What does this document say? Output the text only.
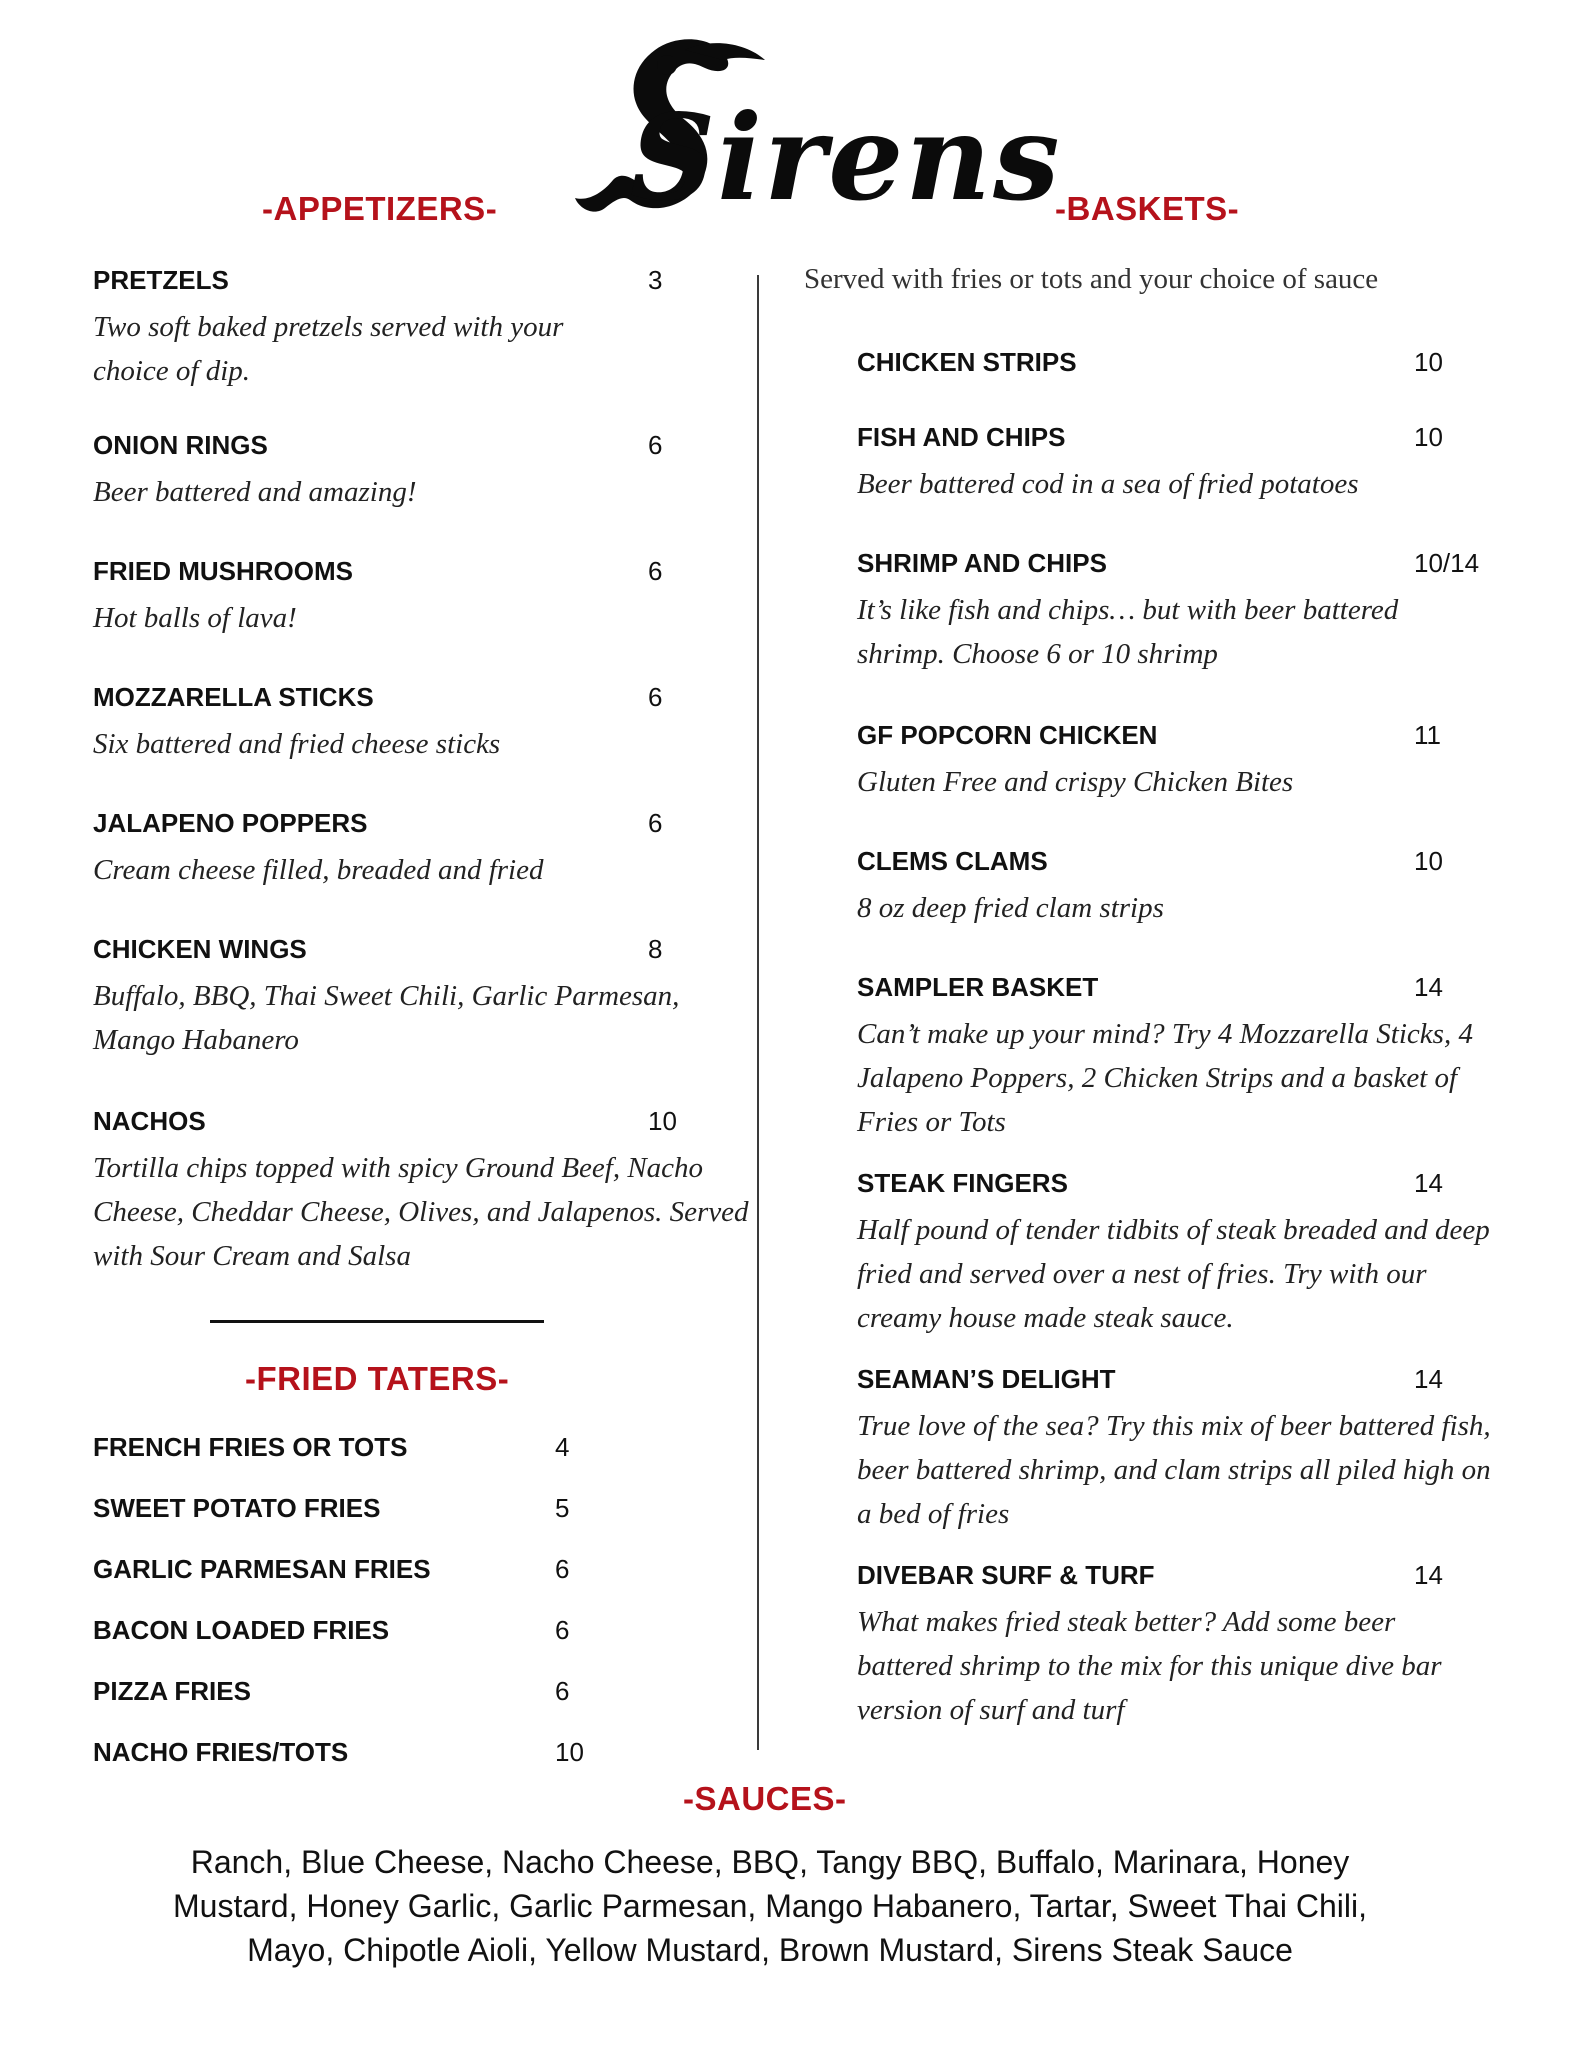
Sirens
-APPETIZERS-	-BASKETS-
-FRIED TATERS-
-SAUCES-
PRETZELS	3
Two soft baked pretzels served with your choice of dip.
ONION RINGS	6
Beer battered and amazing!
FRIED MUSHROOMS	6
Hot balls of lava!
MOZZARELLA STICKS	6
Six battered and fried cheese sticks
JALAPENO POPPERS	6
Cream cheese filled, breaded and fried
CHICKEN WINGS	8
Buffalo, BBQ, Thai Sweet Chili, Garlic Parmesan, Mango Habanero
NACHOS	10
Tortilla chips topped with spicy Ground Beef, Nacho Cheese, Cheddar Cheese, Olives, and Jalapenos. Served with Sour Cream and Salsa
FRENCH FRIES OR TOTS	4
SWEET POTATO FRIES	5
GARLIC PARMESAN FRIES	6
BACON LOADED FRIES	6
PIZZA FRIES	6
NACHO FRIES/TOTS	10
Served with fries or tots and your choice of sauce
CHICKEN STRIPS	10
FISH AND CHIPS	10
Beer battered cod in a sea of fried potatoes
SHRIMP AND CHIPS	10/14
It’s like fish and chips… but with beer battered shrimp. Choose 6 or 10 shrimp
GF POPCORN CHICKEN	11
Gluten Free and crispy Chicken Bites
CLEMS CLAMS	10
8 oz deep fried clam strips
SAMPLER BASKET	14
Can’t make up your mind? Try 4 Mozzarella Sticks, 4 Jalapeno Poppers, 2 Chicken Strips and a basket of Fries or Tots
STEAK FINGERS	14
Half pound of tender tidbits of steak breaded and deep fried and served over a nest of fries. Try with our creamy house made steak sauce.
SEAMAN’S DELIGHT	14
True love of the sea? Try this mix of beer battered fish, beer battered shrimp, and clam strips all piled high on a bed of fries
DIVEBAR SURF & TURF	14
What makes fried steak better? Add some beer battered shrimp to the mix for this unique dive bar version of surf and turf
Ranch, Blue Cheese, Nacho Cheese, BBQ, Tangy BBQ, Buffalo, Marinara, Honey
Mustard, Honey Garlic, Garlic Parmesan, Mango Habanero, Tartar, Sweet Thai Chili,
Mayo, Chipotle Aioli, Yellow Mustard, Brown Mustard, Sirens Steak Sauce
